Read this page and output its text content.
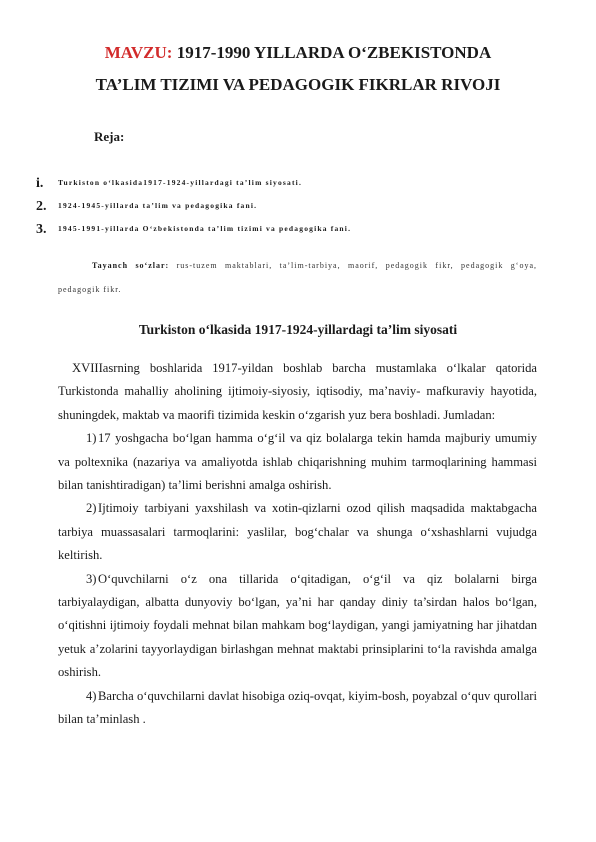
MAVZU: 1917-1990 YILLARDA O‘ZBEKISTONDA
TA’LIM TIZIMI VA PEDAGOGIK FIKRLAR RIVOJI
Reja:
i. Turkiston o‘lkasida1917-1924-yillardagi ta’lim siyosati.
2. 1924-1945-yillarda ta’lim va pedagogika fani.
3. 1945-1991-yillarda O‘zbekistonda ta’lim tizimi va pedagogika fani.
Tayanch so‘zlar: rus-tuzem maktablari, ta’lim-tarbiya, maorif, pedagogik fikr, pedagogik g‘oya, pedagogik fikr.
Turkiston o‘lkasida 1917-1924-yillardagi ta’lim siyosati

XVIIIasrning boshlarida 1917-yildan boshlab barcha mustamlaka o‘lkalar qatorida Turkistonda mahalliy aholining ijtimoiy-siyosiy, iqtisodiy, ma’naviy- mafkuraviy hayotida, shuningdek, maktab va maorifi tizimida keskin o‘zgarish yuz bera boshladi. Jumladan:

1) 17 yoshgacha bo‘lgan hamma o‘g‘il va qiz bolalarga tekin hamda majburiy umumiy va poltexnika (nazariya va amaliyotda ishlab chiqarishning muhim tarmoqlarining hammasi bilan tanishtiradigan) ta’limi berishni amalga oshirish.

2) Ijtimoiy tarbiyani yaxshilash va xotin-qizlarni ozod qilish maqsadida maktabgacha tarbiya muassasalari tarmoqlarini: yaslilar, bog‘chalar va shunga o‘xshashlarni vujudga keltirish.

3) O‘quvchilarni o‘z ona tillarida o‘qitadigan, o‘g‘il va qiz bolalarni birga tarbiyalaydigan, albatta dunyoviy bo‘lgan, ya’ni har qanday diniy ta’sirdan halos bo‘lgan, o‘qitishni ijtimoiy foydali mehnat bilan mahkam bog‘laydigan, yangi jamiyatning har jihatdan yetuk a’zolarini tayyorlaydigan birlashgan mehnat maktabi prinsiplarini to‘la ravishda amalga oshirish.

4) Barcha o‘quvchilarni davlat hisobiga oziq-ovqat, kiyim-bosh, poyabzal o‘quv qurollari bilan ta’minlash .
